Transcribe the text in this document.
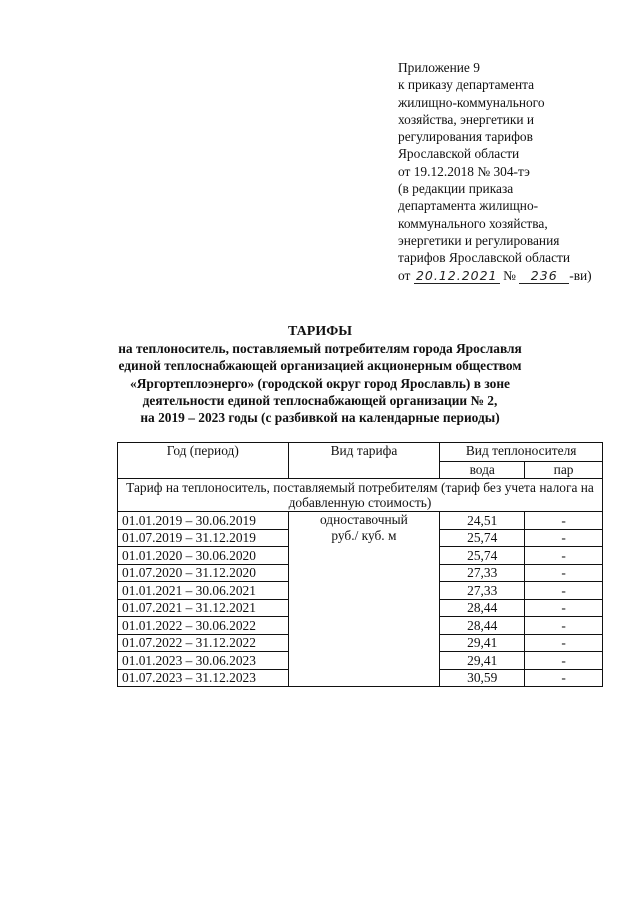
Приложение 9
к приказу департамента
жилищно-коммунального
хозяйства, энергетики и
регулирования тарифов
Ярославской области
от 19.12.2018 № 304-тэ
(в редакции приказа
департамента жилищно-
коммунального хозяйства,
энергетики и регулирования
тарифов Ярославской области
от 20.12.2021 № 236 -ви)
ТАРИФЫ
на теплоноситель, поставляемый потребителям города Ярославля
единой теплоснабжающей организацией акционерным обществом
«Яргортеплоэнерго» (городской округ город Ярославль) в зоне
деятельности единой теплоснабжающей организации № 2,
на 2019 – 2023 годы (с разбивкой на календарные периоды)
Год (период)	Вид тарифа	Вид теплоносителя	
		вода	пар
Тариф на теплоноситель, поставляемый потребителям (тариф без учета налога на добавленную стоимость)			
01.01.2019 – 30.06.2019	одноставочный
руб./ куб. м	24,51	-
01.07.2019 – 31.12.2019		25,74	-
01.01.2020 – 30.06.2020		25,74	-
01.07.2020 – 31.12.2020		27,33	-
01.01.2021 – 30.06.2021		27,33	-
01.07.2021 – 31.12.2021		28,44	-
01.01.2022 – 30.06.2022		28,44	-
01.07.2022 – 31.12.2022		29,41	-
01.01.2023 – 30.06.2023		29,41	-
01.07.2023 – 31.12.2023		30,59	-
